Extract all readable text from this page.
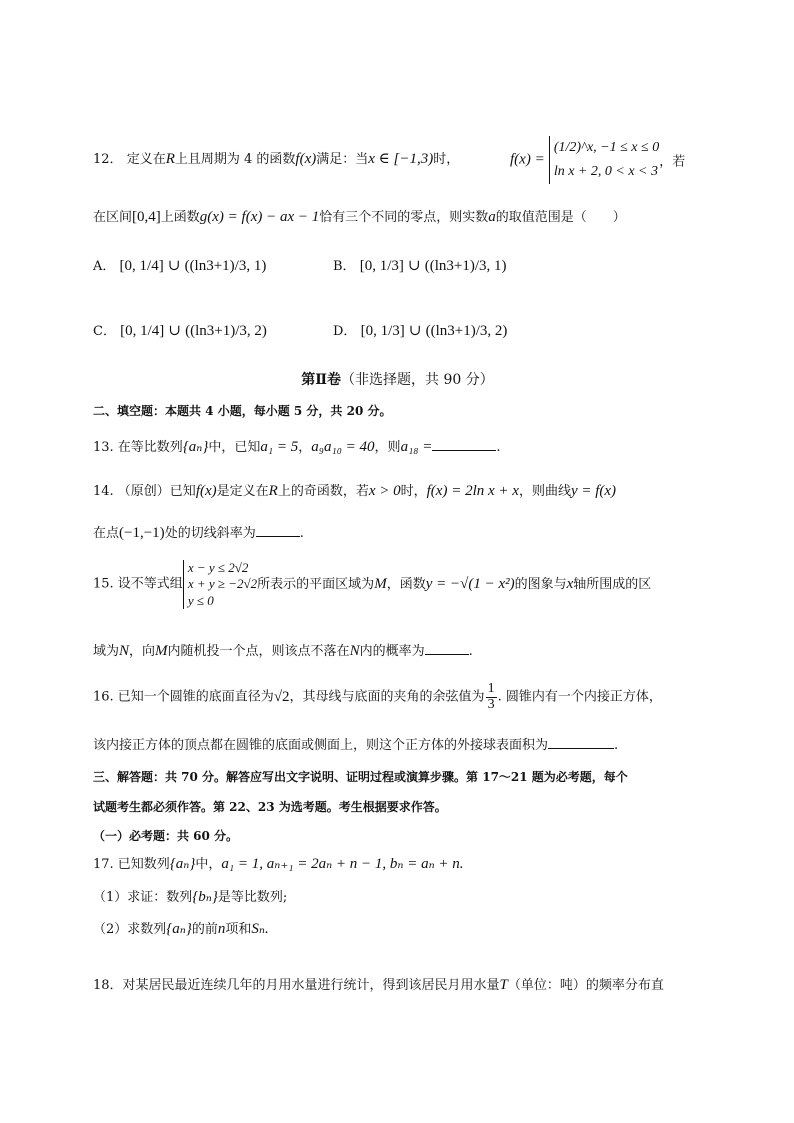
12． 定义在R上且周期为 4 的函数f(x)满足：当x ∈ [−1,3)时，	f(x) = (1/2)^x, −1 ≤ x ≤ 0
ln x + 2, 0 < x < 3，若
在区间[0,4]上函数g(x) = f(x) − ax − 1恰有三个不同的零点，则实数a的取值范围是（　　）
A． [0, 1/4] ∪ ((ln3+1)/3, 1)	B． [0, 1/3] ∪ ((ln3+1)/3, 1)
C． [0, 1/4] ∪ ((ln3+1)/3, 2)	D． [0, 1/3] ∪ ((ln3+1)/3, 2)
第Ⅱ卷（非选择题，共 90 分）
二、填空题：本题共 4 小题，每小题 5 分，共 20 分。
13. 在等比数列{aₙ}中，已知a₁ = 5，a₉a₁₀ = 40，则a₁₈ =	.
14. （原创）已知f(x)是定义在R上的奇函数，若x > 0时，f(x) = 2ln x + x，则曲线y = f(x)
在点(−1,−1)处的切线斜率为	.
15. 设不等式组x − y ≤ 2√2
x + y ≥ −2√2
y ≤ 0所表示的平面区域为M，函数y = −√(1 − x²)的图象与x轴所围成的区
域为N，向M内随机投一个点，则该点不落在N内的概率为	.
16. 已知一个圆锥的底面直径为√2，其母线与底面的夹角的余弦值为 $\frac{1}{3}$ . 圆锥内有一个内接正方体，
该内接正方体的顶点都在圆锥的底面或侧面上，则这个正方体的外接球表面积为	.
三、解答题：共 70 分。解答应写出文字说明、证明过程或演算步骤。第 17～21 题为必考题，每个
试题考生都必须作答。第 22、23 为选考题。考生根据要求作答。
（一）必考题：共 60 分。
17. 已知数列{aₙ}中，a₁ = 1, aₙ₊₁ = 2aₙ + n − 1, bₙ = aₙ + n.
（1）求证：数列{bₙ}是等比数列;
（2）求数列{aₙ}的前n项和Sₙ.
18．对某居民最近连续几年的月用水量进行统计，得到该居民月用水量T（单位：吨）的频率分布直
